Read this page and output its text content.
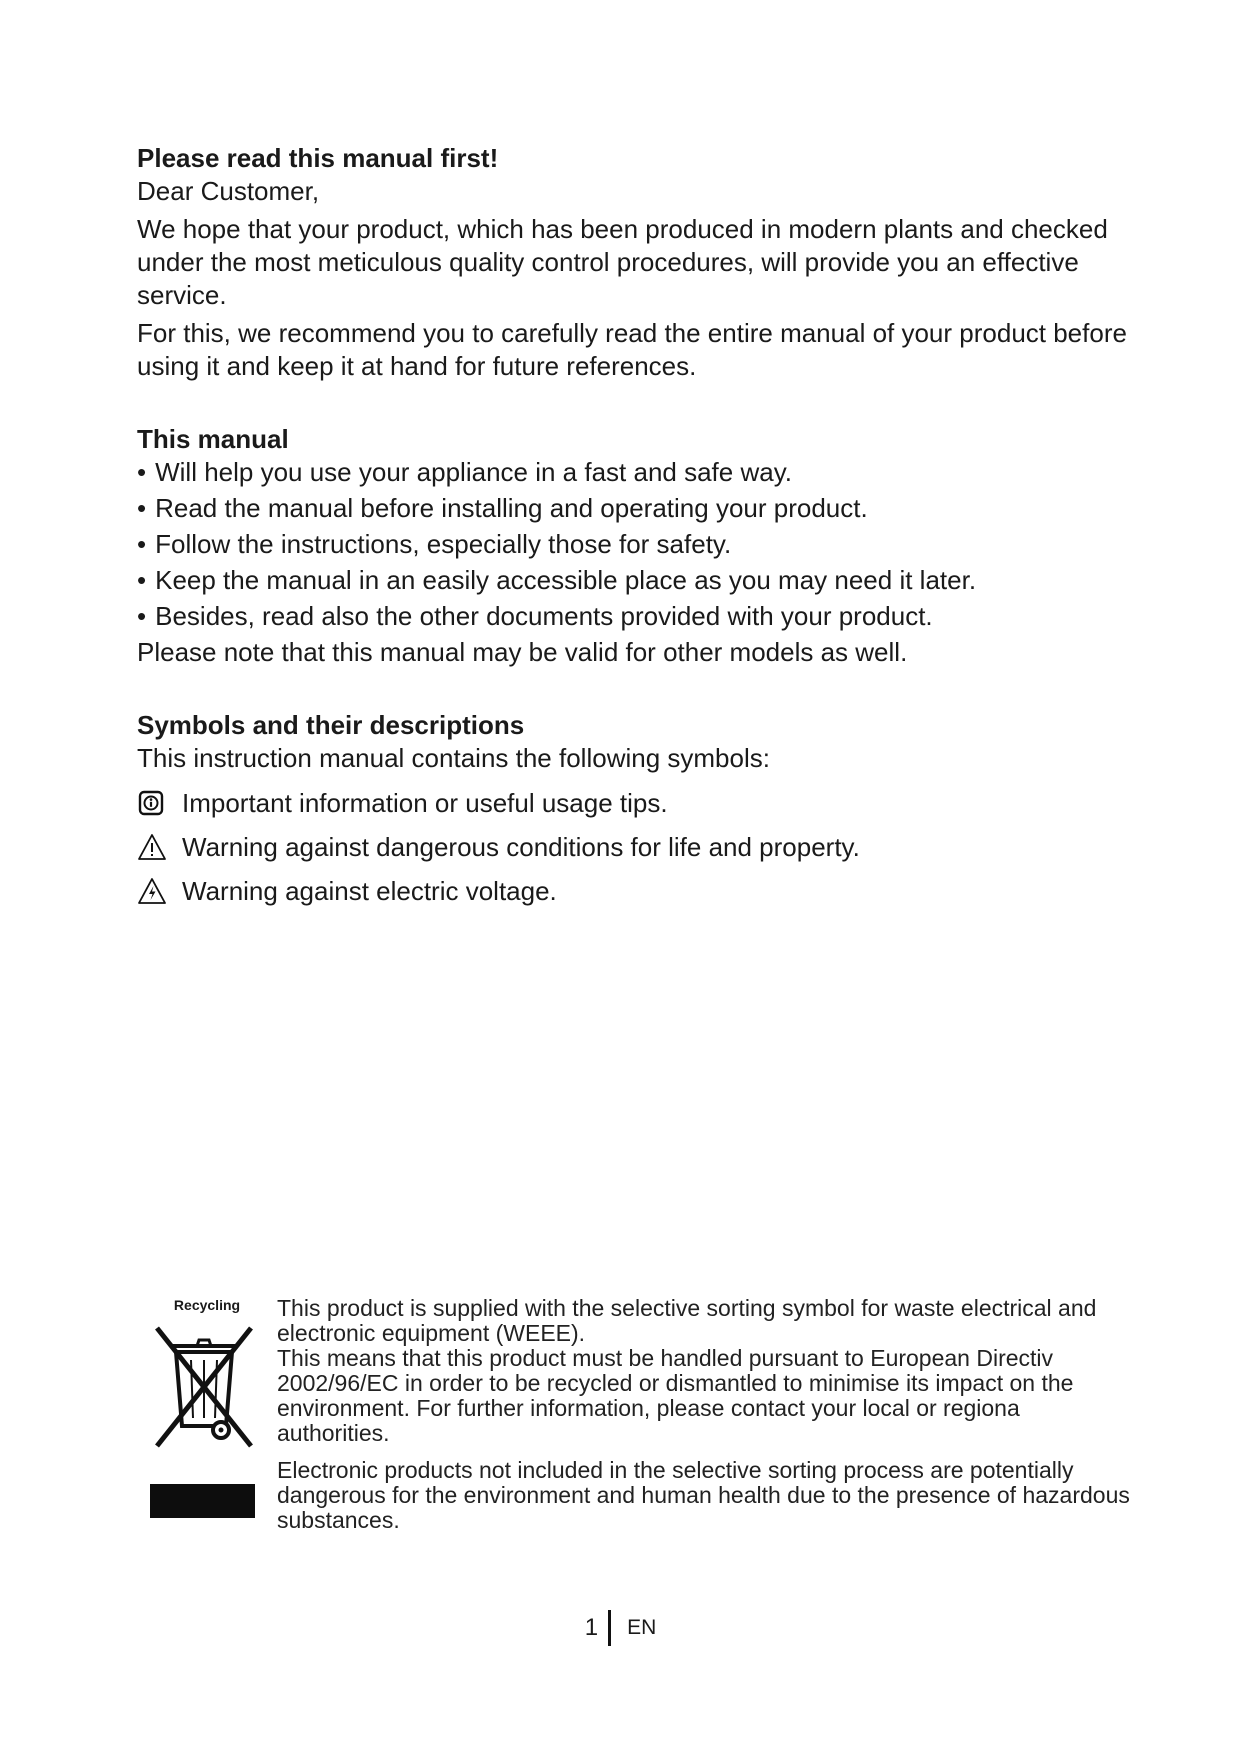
Please read this manual first!

Dear Customer,

We hope that your product, which has been produced in modern plants and checked under the most meticulous quality control procedures, will provide you an effective service.

For this, we recommend you to carefully read the entire manual of your product before using it and keep it at hand for future references.

This manual
• Will help you use your appliance in a fast and safe way.
• Read the manual before installing and operating your product.
• Follow the instructions, especially those for safety.
• Keep the manual in an easily accessible place as you may need it later.
• Besides, read also the other documents provided with your product.

Please note that this manual may be valid for other models as well.

Symbols and their descriptions

This instruction manual contains the following symbols:

Important information or useful usage tips.
Warning against dangerous conditions for life and property.
Warning against electric voltage.

Recycling	This product is supplied with the selective sorting symbol for waste electrical and electronic equipment (WEEE).

This means that this product must be handled pursuant to European Directiv 2002/96/EC in order to be recycled or dismantled to minimise its impact on the environment. For further information, please contact your local or regiona authorities.

Electronic products not included in the selective sorting process are potentially dangerous for the environment and human health due to the presence of hazardous substances.

1 EN
